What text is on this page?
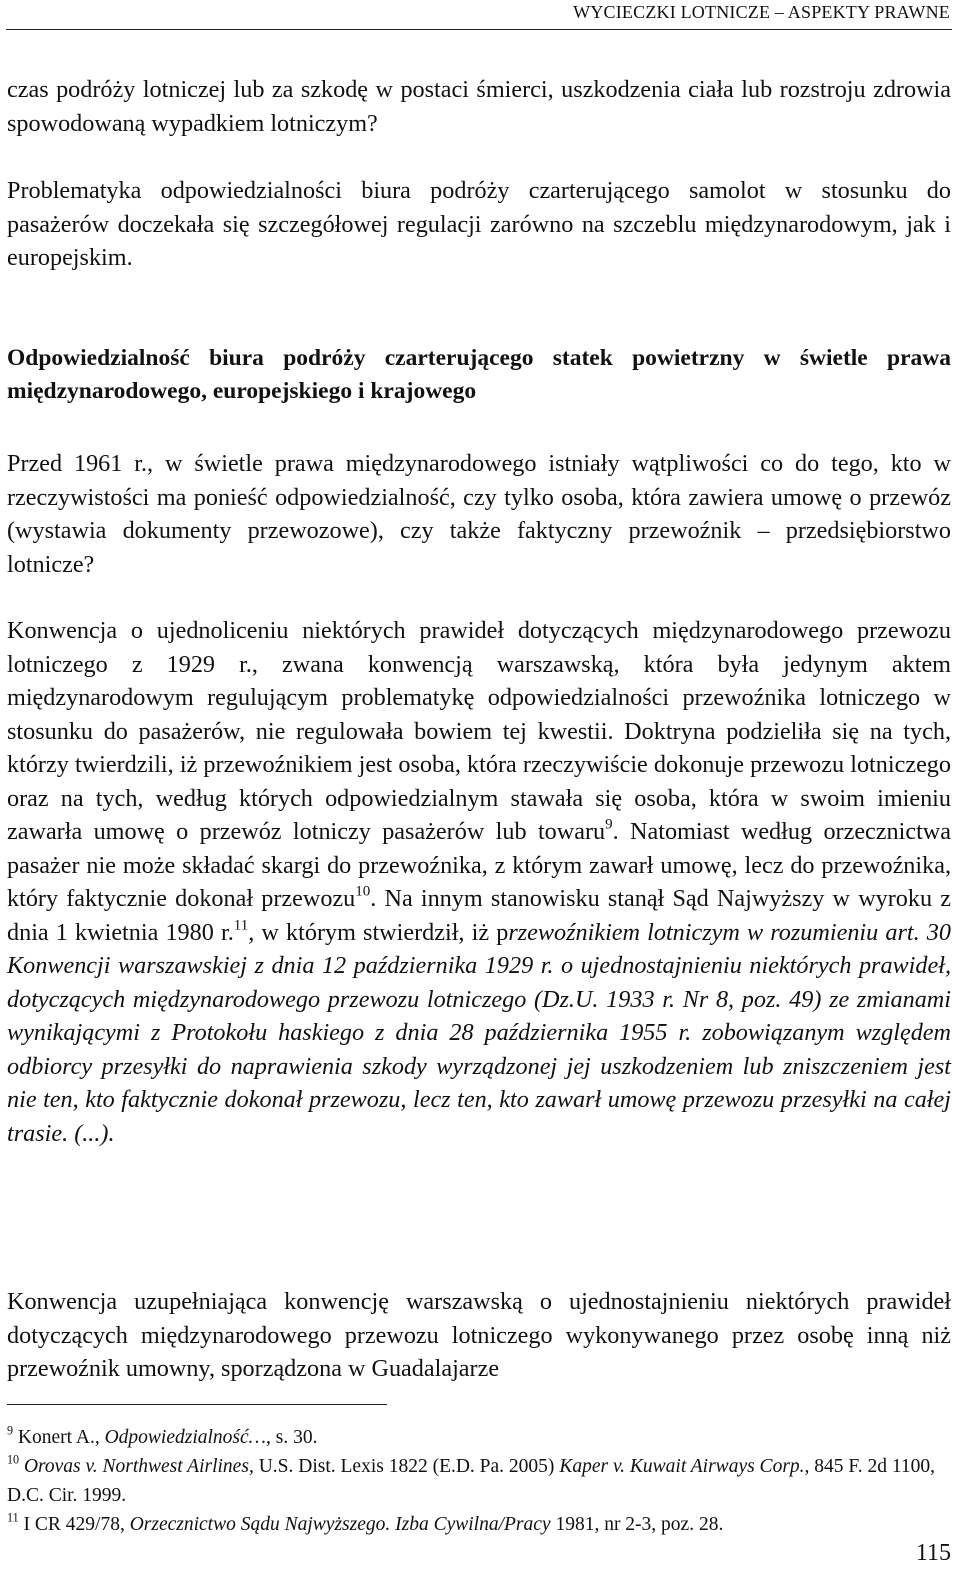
WYCIECZKI LOTNICZE – ASPEKTY PRAWNE
czas podróży lotniczej lub za szkodę w postaci śmierci, uszkodzenia ciała lub rozstroju zdrowia spowodowaną wypadkiem lotniczym?
Problematyka odpowiedzialności biura podróży czarterującego samolot w stosunku do pasażerów doczekała się szczegółowej regulacji zarówno na szczeblu międzynarodowym, jak i europejskim.
Odpowiedzialność biura podróży czarterującego statek powietrzny w świetle prawa międzynarodowego, europejskiego i krajowego
Przed 1961 r., w świetle prawa międzynarodowego istniały wątpliwości co do tego, kto w rzeczywistości ma ponieść odpowiedzialność, czy tylko osoba, która zawiera umowę o przewóz (wystawia dokumenty przewozowe), czy także faktyczny przewoźnik – przedsiębiorstwo lotnicze?
Konwencja o ujednoliceniu niektórych prawideł dotyczących międzynarodowego przewozu lotniczego z 1929 r., zwana konwencją warszawską, która była jedynym aktem międzynarodowym regulującym problematykę odpowiedzialności przewoźnika lotniczego w stosunku do pasażerów, nie regulowała bowiem tej kwestii. Doktryna podzieliła się na tych, którzy twierdzili, iż przewoźnikiem jest osoba, która rzeczywiście dokonuje przewozu lotniczego oraz na tych, według których odpowiedzialnym stawała się osoba, która w swoim imieniu zawarła umowę o przewóz lotniczy pasażerów lub towaru$^9$. Natomiast według orzecznictwa pasażer nie może składać skargi do przewoźnika, z którym zawarł umowę, lecz do przewoźnika, który faktycznie dokonał przewozu$^{10}$. Na innym stanowisku stanął Sąd Najwyższy w wyroku z dnia 1 kwietnia 1980 r.$^{11}$, w którym stwierdził, iż przewoźnikiem lotniczym w rozumieniu art. 30 Konwencji warszawskiej z dnia 12 października 1929 r. o ujednostajnieniu niektórych prawideł, dotyczących międzynarodowego przewozu lotniczego (Dz.U. 1933 r. Nr 8, poz. 49) ze zmianami wynikającymi z Protokołu haskiego z dnia 28 października 1955 r. zobowiązanym względem odbiorcy przesyłki do naprawienia szkody wyrządzonej jej uszkodzeniem lub zniszczeniem jest nie ten, kto faktycznie dokonał przewozu, lecz ten, kto zawarł umowę przewozu przesyłki na całej trasie. (...).
Konwencja uzupełniająca konwencję warszawską o ujednostajnieniu niektórych prawideł dotyczących międzynarodowego przewozu lotniczego wykonywanego przez osobę inną niż przewoźnik umowny, sporządzona w Guadalajarze
$^9$ Konert A., Odpowiedzialność…, s. 30.
$^{10}$ Orovas v. Northwest Airlines, U.S. Dist. Lexis 1822 (E.D. Pa. 2005) Kaper v. Kuwait Airways Corp., 845 F. 2d 1100, D.C. Cir. 1999.
$^{11}$ I CR 429/78, Orzecznictwo Sądu Najwyższego. Izba Cywilna/Pracy 1981, nr 2-3, poz. 28.
115
